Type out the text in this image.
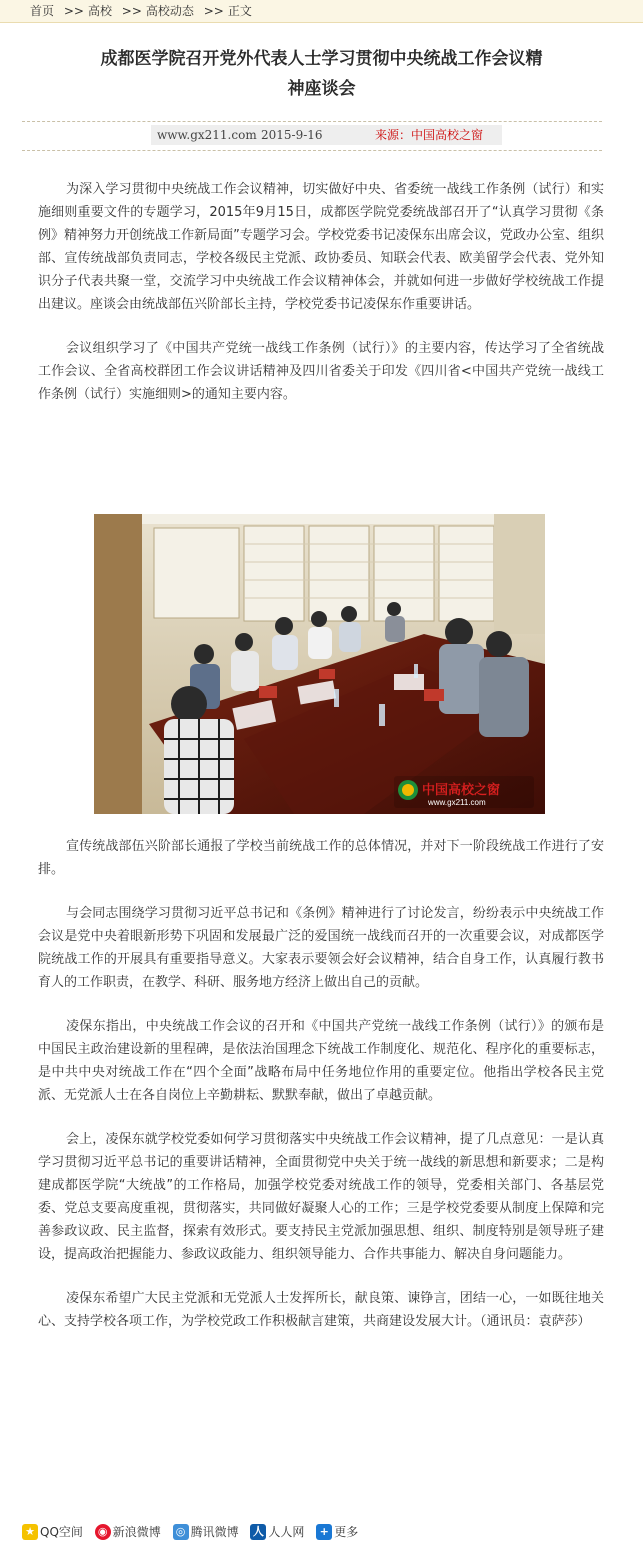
首页 >> 高校 >> 高校动态 >> 正文
成都医学院召开党外代表人士学习贯彻中央统战工作会议精
神座谈会
www.gx211.com 2015-9-16	来源：中国高校之窗

为深入学习贯彻中央统战工作会议精神，切实做好中央、省委统一战线工作条例（试行）和实施细则重要文件的专题学习，2015年9月15日，成都医学院党委统战部召开了“认真学习贯彻《条例》精神努力开创统战工作新局面”专题学习会。学校党委书记凌保东出席会议，党政办公室、组织部、宣传统战部负责同志，学校各级民主党派、政协委员、知联会代表、欧美留学会代表、党外知识分子代表共聚一堂，交流学习中央统战工作会议精神体会，并就如何进一步做好学校统战工作提出建议。座谈会由统战部伍兴阶部长主持，学校党委书记凌保东作重要讲话。

会议组织学习了《中国共产党统一战线工作条例（试行）》的主要内容，传达学习了全省统战工作会议、全省高校群团工作会议讲话精神及四川省委关于印发《四川省<中国共产党统一战线工作条例（试行）实施细则>的通知主要内容。

中国高校之窗
www.gx211.com

宣传统战部伍兴阶部长通报了学校当前统战工作的总体情况，并对下一阶段统战工作进行了安排。

与会同志围绕学习贯彻习近平总书记和《条例》精神进行了讨论发言，纷纷表示中央统战工作会议是党中央着眼新形势下巩固和发展最广泛的爱国统一战线而召开的一次重要会议，对成都医学院统战工作的开展具有重要指导意义。大家表示要领会好会议精神，结合自身工作，认真履行教书育人的工作职责，在教学、科研、服务地方经济上做出自己的贡献。

凌保东指出，中央统战工作会议的召开和《中国共产党统一战线工作条例（试行）》的颁布是中国民主政治建设新的里程碑，是依法治国理念下统战工作制度化、规范化、程序化的重要标志，是中共中央对统战工作在“四个全面”战略布局中任务地位作用的重要定位。他指出学校各民主党派、无党派人士在各自岗位上辛勤耕耘、默默奉献，做出了卓越贡献。

会上，凌保东就学校党委如何学习贯彻落实中央统战工作会议精神，提了几点意见：一是认真学习贯彻习近平总书记的重要讲话精神，全面贯彻党中央关于统一战线的新思想和新要求；二是构建成都医学院“大统战”的工作格局，加强学校党委对统战工作的领导，党委相关部门、各基层党委、党总支要高度重视，贯彻落实，共同做好凝聚人心的工作；三是学校党委要从制度上保障和完善参政议政、民主监督，探索有效形式。要支持民主党派加强思想、组织、制度特别是领导班子建设，提高政治把握能力、参政议政能力、组织领导能力、合作共事能力、解决自身问题能力。

凌保东希望广大民主党派和无党派人士发挥所长，献良策、谏铮言，团结一心，一如既往地关心、支持学校各项工作，为学校党政工作积极献言建策，共商建设发展大计。（通讯员：袁萨莎）

★ QQ空间 ◉ 新浪微博 ◎ 腾讯微博 人 人人网	+ 更多
